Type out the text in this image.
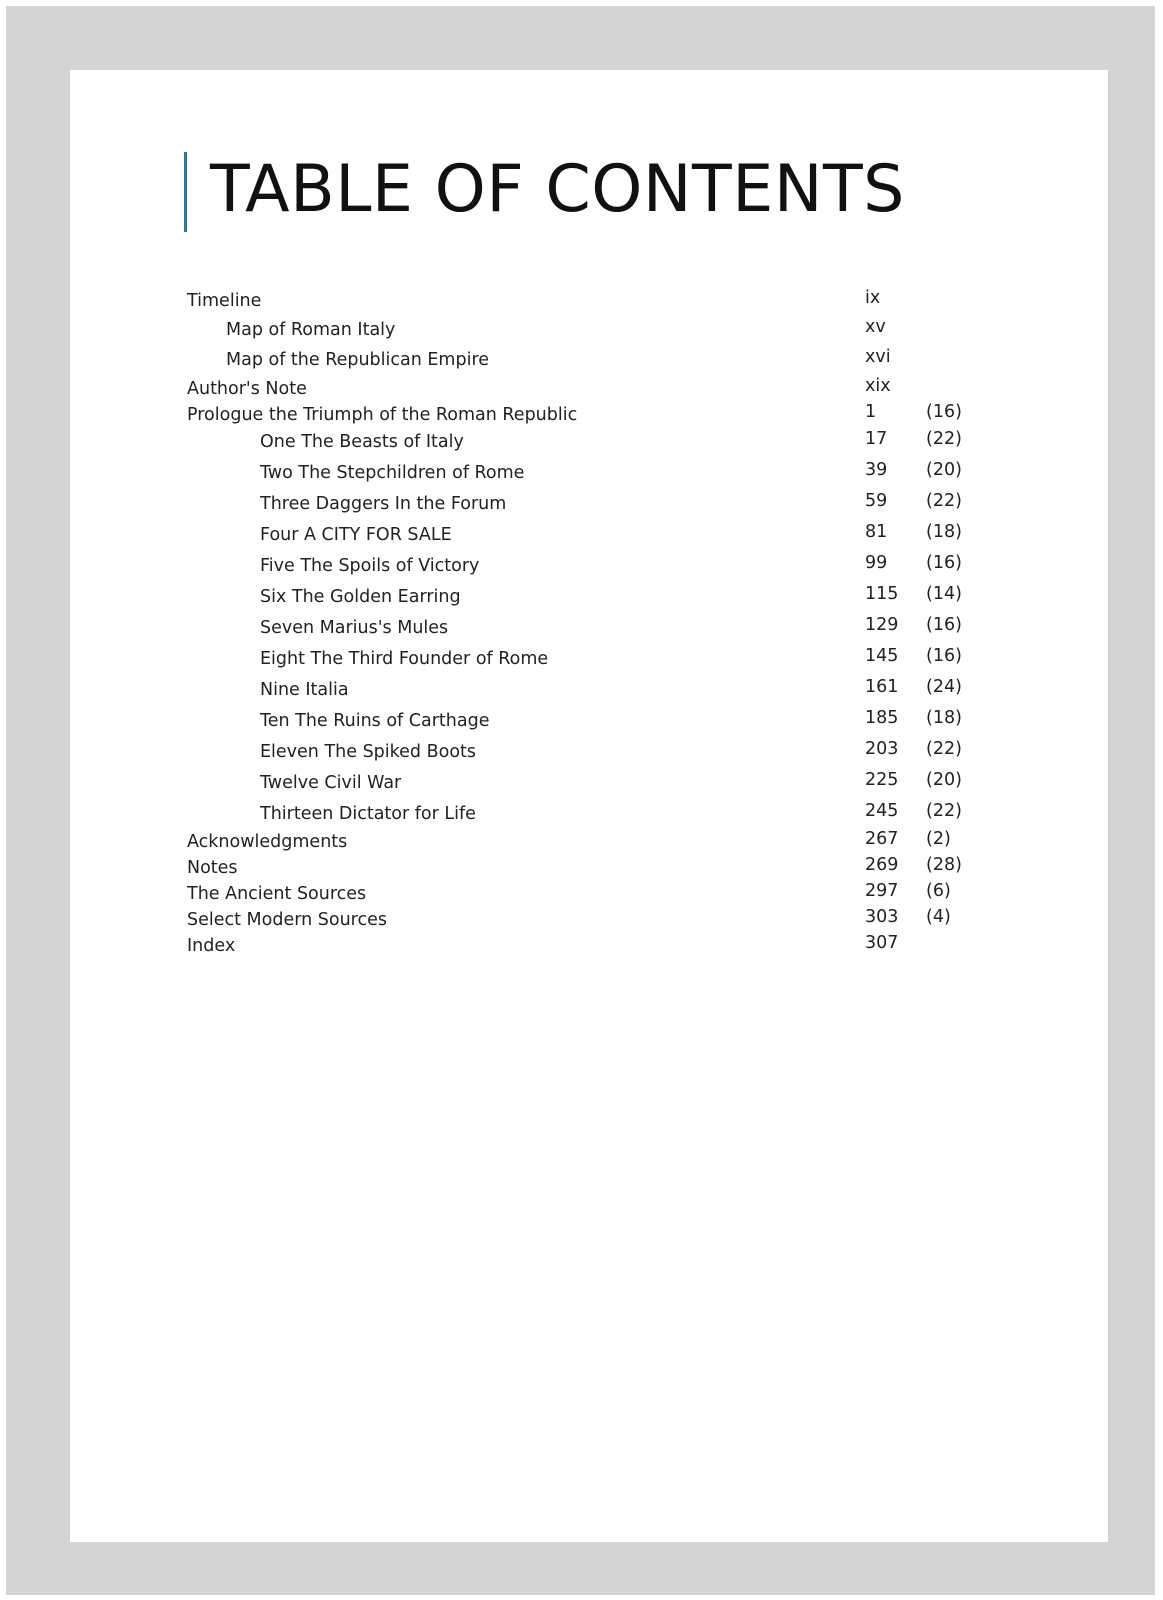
TABLE OF CONTENTS
Timeline	ix
Map of Roman Italy	xv
Map of the Republican Empire	xvi
Author's Note	xix
Prologue the Triumph of the Roman Republic	1	(16)
One The Beasts of Italy	17 (22)
Two The Stepchildren of Rome	39 (20)
Three Daggers In the Forum	59 (22)
Four A CITY FOR SALE	81 (18)
Five The Spoils of Victory	99 (16)
Six The Golden Earring	115 (14)
Seven Marius's Mules	129 (16)
Eight The Third Founder of Rome	145 (16)
Nine Italia	161 (24)
Ten The Ruins of Carthage	185 (18)
Eleven The Spiked Boots	203 (22)
Twelve Civil War	225 (20)
Thirteen Dictator for Life	245 (22)
Acknowledgments	267 (2)
Notes	269 (28)
The Ancient Sources	297 (6)
Select Modern Sources	303 (4)
Index	307
